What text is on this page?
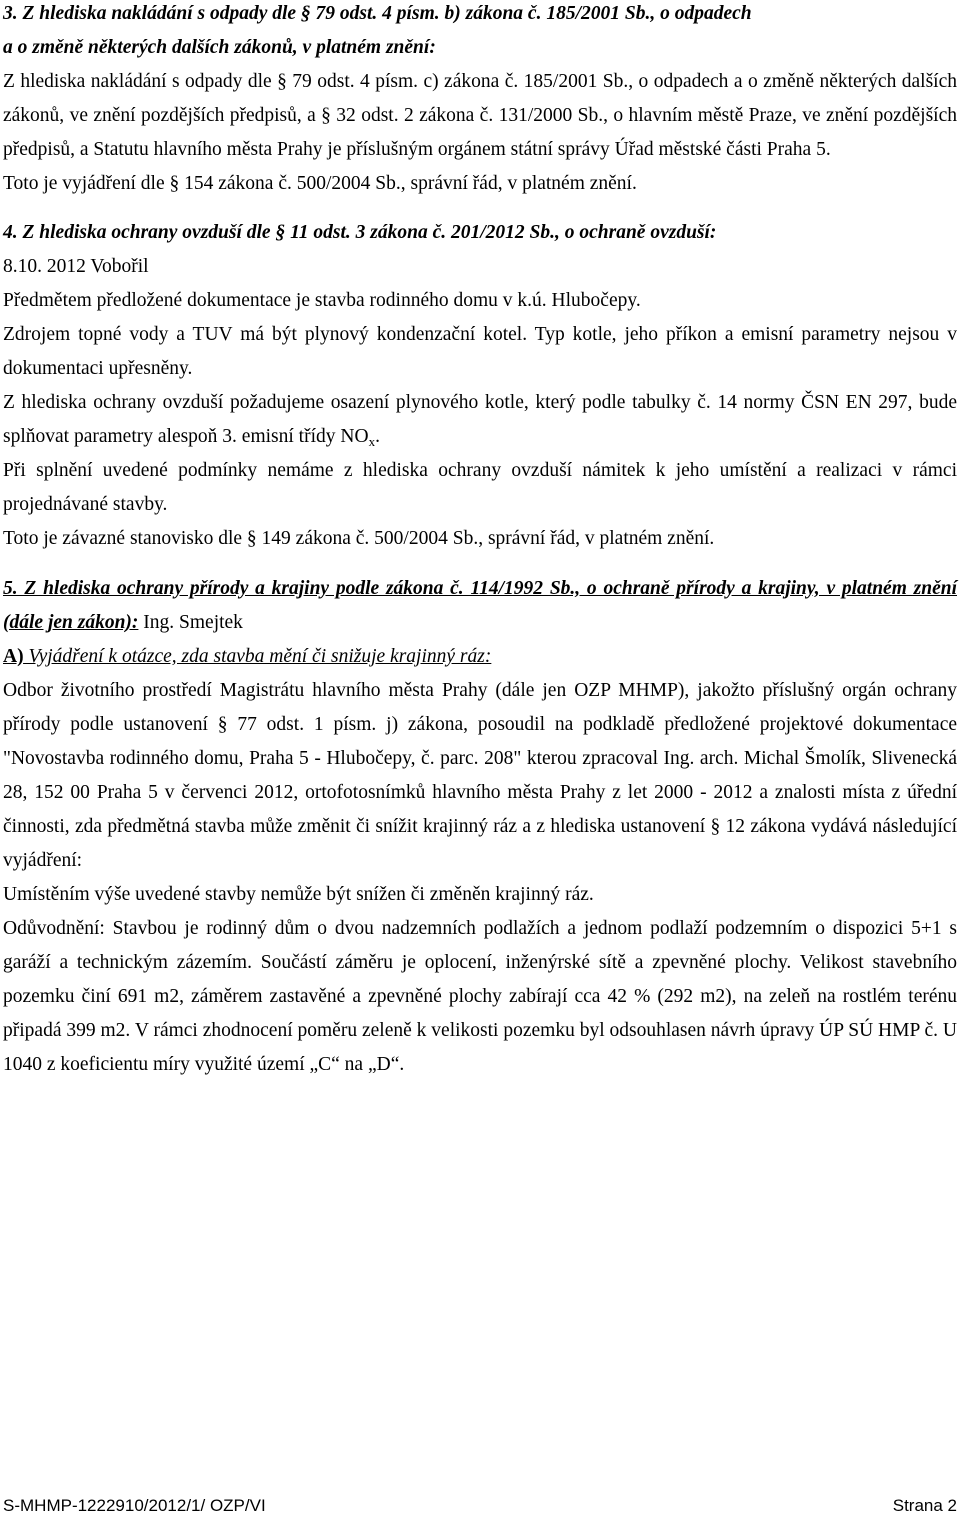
3. Z hlediska nakládání s odpady dle § 79 odst. 4 písm. b) zákona č. 185/2001 Sb., o odpadech
a o změně některých dalších zákonů, v platném znění:

Z hlediska nakládání s odpady dle § 79 odst. 4 písm. c) zákona č. 185/2001 Sb., o odpadech a o změně některých dalších zákonů, ve znění pozdějších předpisů, a § 32 odst. 2 zákona č. 131/2000 Sb., o hlavním městě Praze, ve znění pozdějších předpisů, a Statutu hlavního města Prahy je příslušným orgánem státní správy Úřad městské části Praha 5.

Toto je vyjádření dle § 154 zákona č. 500/2004 Sb., správní řád, v platném znění.

4. Z hlediska ochrany ovzduší dle § 11 odst. 3 zákona č. 201/2012 Sb., o ochraně ovzduší:

8.10. 2012 Vobořil

Předmětem předložené dokumentace je stavba rodinného domu v k.ú. Hlubočepy.

Zdrojem topné vody a TUV má být plynový kondenzační kotel. Typ kotle, jeho příkon a emisní parametry nejsou v dokumentaci upřesněny.

Z hlediska ochrany ovzduší požadujeme osazení plynového kotle, který podle tabulky č. 14 normy ČSN EN 297, bude splňovat parametry alespoň 3. emisní třídy $NO_x$.

Při splnění uvedené podmínky nemáme z hlediska ochrany ovzduší námitek k jeho umístění a realizaci v rámci projednávané stavby.

Toto je závazné stanovisko dle § 149 zákona č. 500/2004 Sb., správní řád, v platném znění.

5. Z hlediska ochrany přírody a krajiny podle zákona č. 114/1992 Sb., o ochraně přírody a krajiny, v platném znění (dále jen zákon): Ing. Smejtek

A) Vyjádření k otázce, zda stavba mění či snižuje krajinný ráz:

Odbor životního prostředí Magistrátu hlavního města Prahy (dále jen OZP MHMP), jakožto příslušný orgán ochrany přírody podle ustanovení § 77 odst. 1 písm. j) zákona, posoudil na podkladě předložené projektové dokumentace "Novostavba rodinného domu, Praha 5 - Hlubočepy, č. parc. 208" kterou zpracoval Ing. arch. Michal Šmolík, Slivenecká 28, 152 00 Praha 5 v červenci 2012, ortofotosnímků hlavního města Prahy z let 2000 - 2012 a znalosti místa z úřední činnosti, zda předmětná stavba může změnit či snížit krajinný ráz a z hlediska ustanovení § 12 zákona vydává následující vyjádření:

Umístěním výše uvedené stavby nemůže být snížen či změněn krajinný ráz.

Odůvodnění: Stavbou je rodinný dům o dvou nadzemních podlažích a jednom podlaží podzemním o dispozici 5+1 s garáží a technickým zázemím. Součástí záměru je oplocení, inženýrské sítě a zpevněné plochy. Velikost stavebního pozemku činí 691 m2, záměrem zastavěné a zpevněné plochy zabírají cca 42 % (292 m2), na zeleň na rostlém terénu připadá 399 m2. V rámci zhodnocení poměru zeleně k velikosti pozemku byl odsouhlasen návrh úpravy ÚP SÚ HMP č. U 1040 z koeficientu míry využité území „C“ na „D“.

S-MHMP-1222910/2012/1/ OZP/VI	Strana 2
